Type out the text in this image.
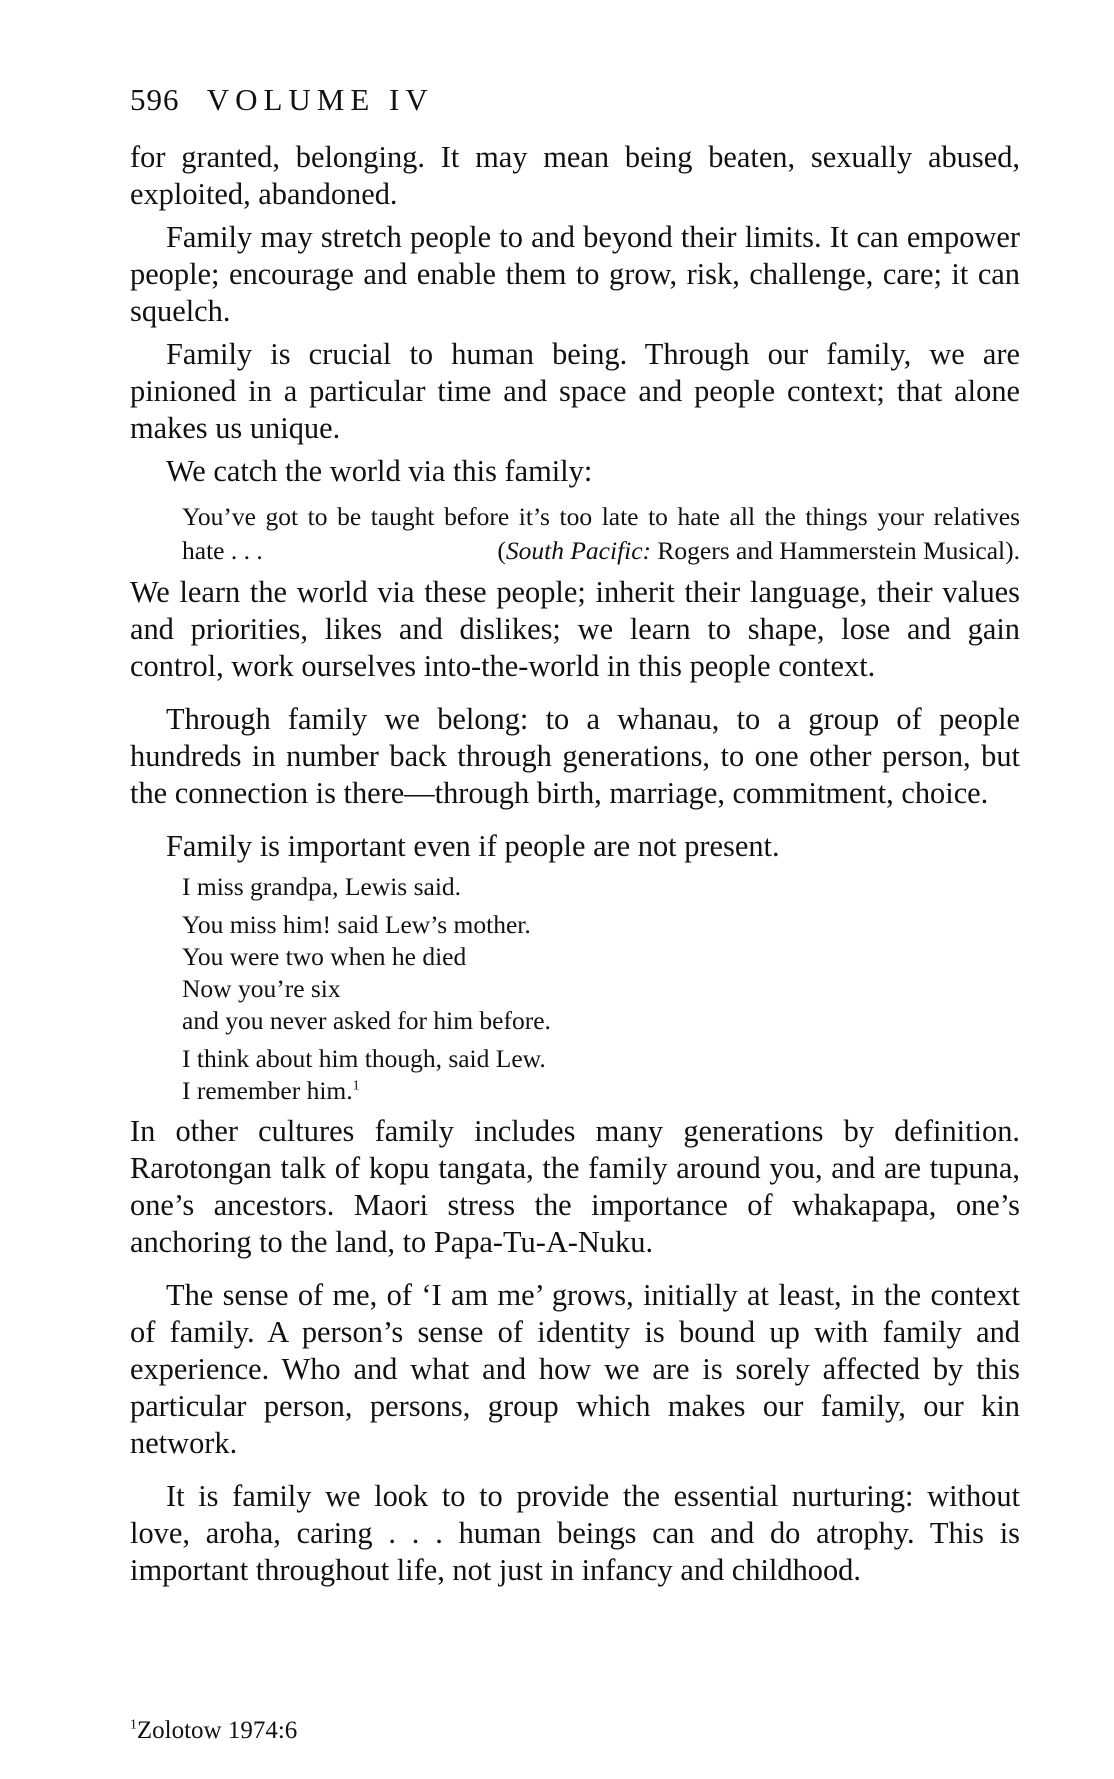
596 VOLUME IV

for granted, belonging. It may mean being beaten, sexually abused, exploited, abandoned.

Family may stretch people to and beyond their limits. It can empower people; encourage and enable them to grow, risk, challenge, care; it can squelch.

Family is crucial to human being. Through our family, we are pinioned in a particular time and space and people context; that alone makes us unique.

We catch the world via this family:

You’ve got to be taught before it’s too late to hate all the things your relatives hate . . .	(South Pacific: Rogers and Hammerstein Musical).

We learn the world via these people; inherit their language, their values and priorities, likes and dislikes; we learn to shape, lose and gain control, work ourselves into-the-world in this people context.

Through family we belong: to a whanau, to a group of people hundreds in number back through generations, to one other person, but the connection is there—through birth, marriage, commitment, choice.

Family is important even if people are not present.

I miss grandpa, Lewis said.
You miss him! said Lew’s mother.
You were two when he died
Now you’re six
and you never asked for him before.
I think about him though, said Lew.
I remember him.$^1$

In other cultures family includes many generations by definition. Rarotongan talk of kopu tangata, the family around you, and are tupuna, one’s ancestors. Maori stress the importance of whakapapa, one’s anchoring to the land, to Papa-Tu-A-Nuku.

The sense of me, of ‘I am me’ grows, initially at least, in the context of family. A person’s sense of identity is bound up with family and experience. Who and what and how we are is sorely affected by this particular person, persons, group which makes our family, our kin network.

It is family we look to to provide the essential nurturing: without love, aroha, caring . . . human beings can and do atrophy. This is important throughout life, not just in infancy and childhood.

$^1$Zolotow 1974:6
